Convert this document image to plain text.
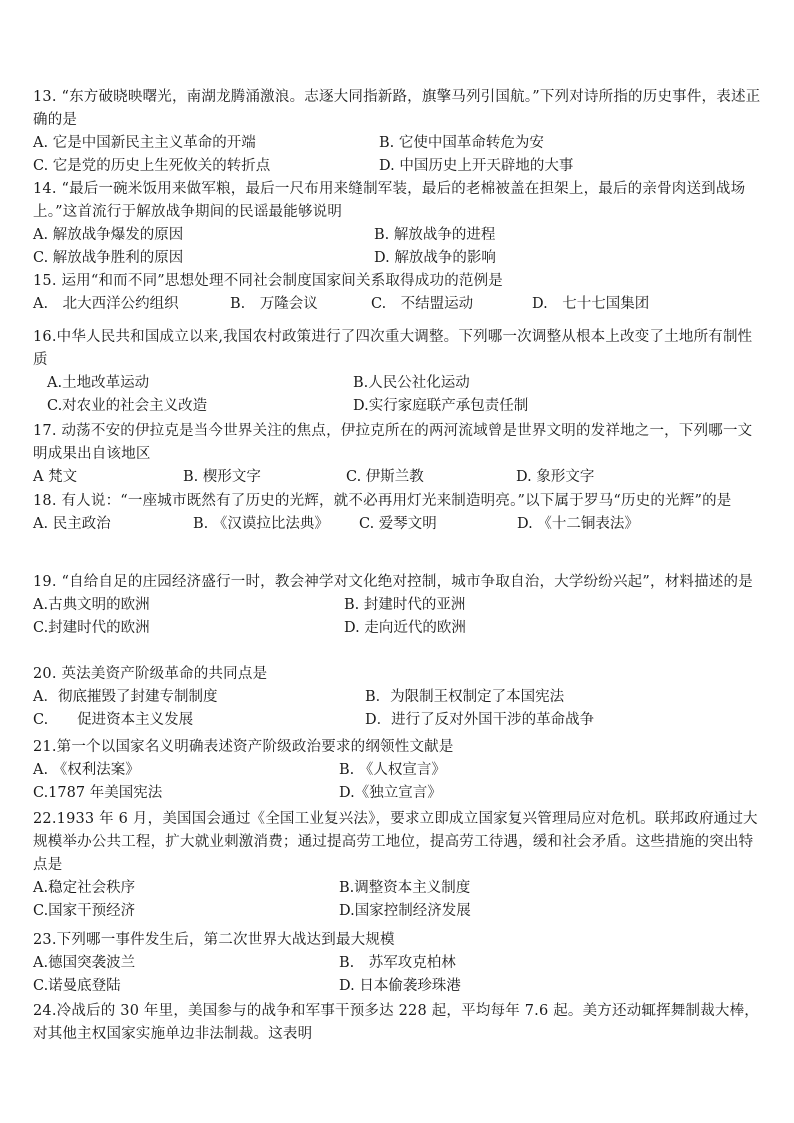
13. “东方破晓映曙光，南湖龙腾涌激浪。志逐大同指新路，旗擎马列引国航。”下列对诗所指的历史事件，表述正确的是

A. 它是中国新民主主义革命的开端	B. 它使中国革命转危为安
C. 它是党的历史上生死攸关的转折点	D. 中国历史上开天辟地的大事

14. “最后一碗米饭用来做军粮，最后一尺布用来缝制军装，最后的老棉被盖在担架上，最后的亲骨肉送到战场上。”这首流行于解放战争期间的民谣最能够说明

A. 解放战争爆发的原因	B. 解放战争的进程
C. 解放战争胜利的原因	D. 解放战争的影响

15. 运用“和而不同”思想处理不同社会制度国家间关系取得成功的范例是

A.　北大西洋公约组织	B.　万隆会议	C.　不结盟运动	D.　七十七国集团

16.中华人民共和国成立以来,我国农村政策进行了四次重大调整。下列哪一次调整从根本上改变了土地所有制性质

A.土地改革运动	B.人民公社化运动
C.对农业的社会主义改造	D.实行家庭联产承包责任制

17. 动荡不安的伊拉克是当今世界关注的焦点，伊拉克所在的两河流域曾是世界文明的发祥地之一，下列哪一文明成果出自该地区

A 梵文	B. 楔形文字	C. 伊斯兰教	D. 象形文字

18. 有人说：“一座城市既然有了历史的光辉，就不必再用灯光来制造明亮。”以下属于罗马“历史的光辉”的是

A. 民主政治	B. 《汉谟拉比法典》 C. 爱琴文明	D. 《十二铜表法》

19. “自给自足的庄园经济盛行一时，教会神学对文化绝对控制，城市争取自治，大学纷纷兴起”，材料描述的是

A.古典文明的欧洲	B. 封建时代的亚洲
C.封建时代的欧洲	D. 走向近代的欧洲

20. 英法美资产阶级革命的共同点是

A．彻底摧毁了封建专制制度	B．为限制王权制定了本国宪法
C.　　促进资本主义发展	D．进行了反对外国干涉的革命战争

21.第一个以国家名义明确表述资产阶级政治要求的纲领性文献是

A. 《权利法案》	B. 《人权宣言》
C.1787 年美国宪法	D.《独立宣言》

22.1933 年 6 月，美国国会通过《全国工业复兴法》，要求立即成立国家复兴管理局应对危机。联邦政府通过大规模举办公共工程，扩大就业刺激消费；通过提高劳工地位，提高劳工待遇，缓和社会矛盾。这些措施的突出特点是

A.稳定社会秩序	B.调整资本主义制度
C.国家干预经济	D.国家控制经济发展

23.下列哪一事件发生后，第二次世界大战达到最大规模

A.德国突袭波兰	B.　苏军攻克柏林
C.诺曼底登陆	D. 日本偷袭珍珠港

24.冷战后的 30 年里，美国参与的战争和军事干预多达 228 起，平均每年 7.6 起。美方还动辄挥舞制裁大棒，对其他主权国家实施单边非法制裁。这表明
